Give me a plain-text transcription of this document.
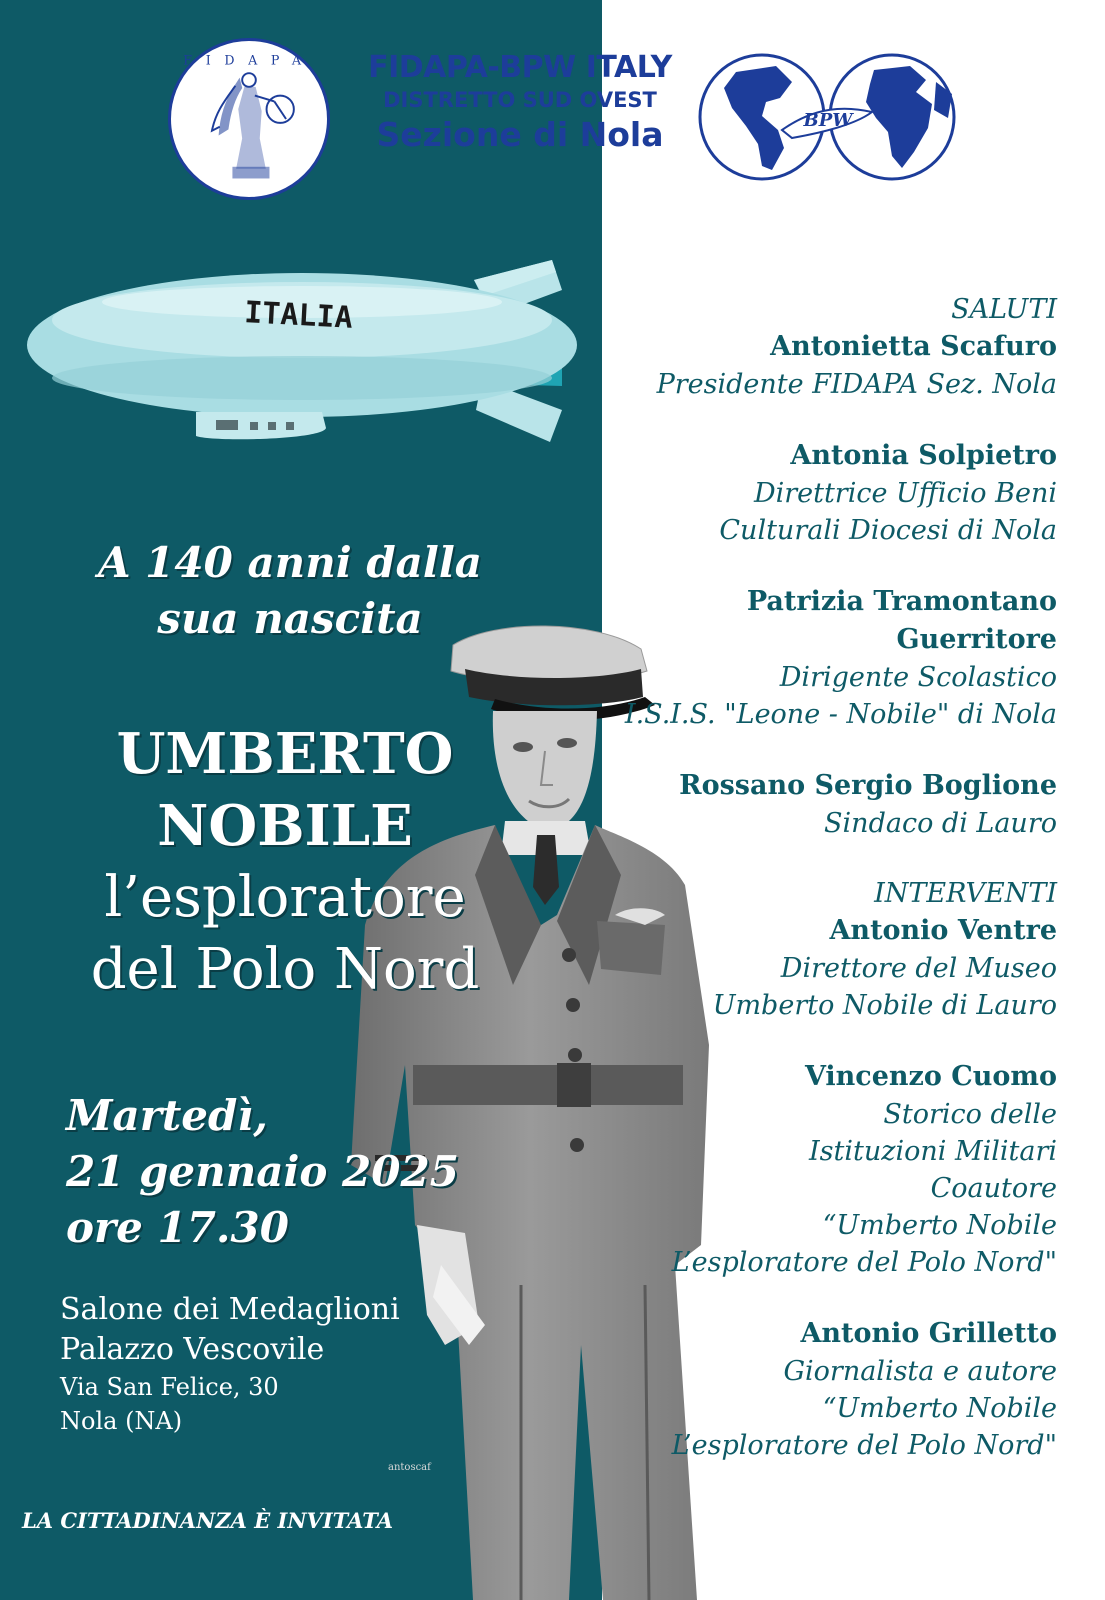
FIDAPA	FIDAPA-BPW ITALY
DISTRETTO SUD OVEST
Sezione di Nola	BPW
ITALIA
A 140 anni dalla
sua nascita
UMBERTO
NOBILE
l’esploratore
del Polo Nord
Martedì,
21 gennaio 2025
ore 17.30
Salone dei Medaglioni
Palazzo Vescovile
Via San Felice, 30
Nola (NA)
antoscaf
LA CITTADINANZA È INVITATA
SALUTI
Antonietta Scafuro
Presidente FIDAPA Sez. Nola
Antonia Solpietro
Direttrice Ufficio Beni
Culturali Diocesi di Nola
Patrizia Tramontano
Guerritore
Dirigente Scolastico
I.S.I.S. "Leone - Nobile" di Nola
Rossano Sergio Boglione
Sindaco di Lauro
INTERVENTI
Antonio Ventre
Direttore del Museo
Umberto Nobile di Lauro
Vincenzo Cuomo
Storico delle
Istituzioni Militari
Coautore
“Umberto Nobile
L’esploratore del Polo Nord"
Antonio Grilletto
Giornalista e autore
“Umberto Nobile
L’esploratore del Polo Nord"
